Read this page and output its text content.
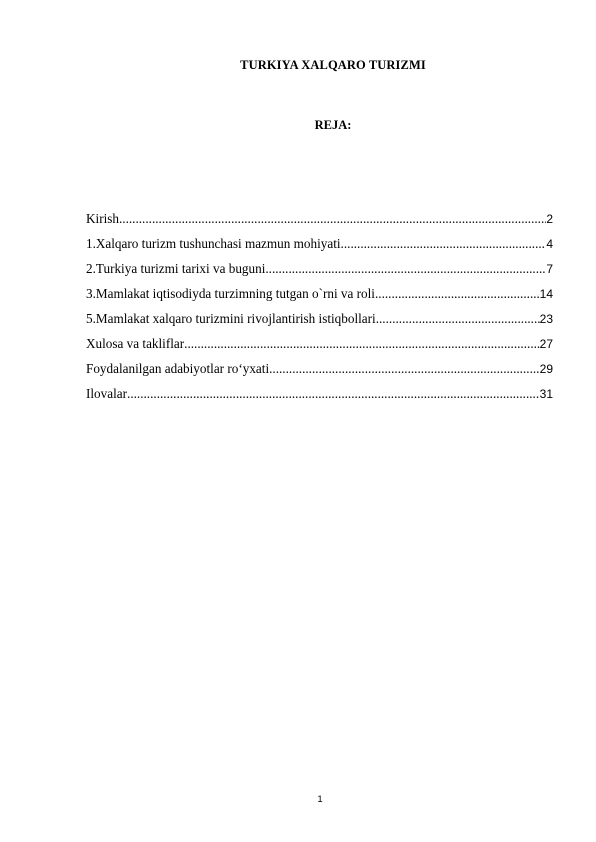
TURKIYA XALQARO TURIZMI
REJA:
Kirish .....	2
1.Xalqaro turizm tushunchasi mazmun mohiyati .....	4
2.Turkiya turizmi tarixi va buguni .....	7
3.Mamlakat iqtisodiyda turzimning tutgan o`rni va roli .....	14
5.Mamlakat xalqaro turizmini rivojlantirish istiqbollari .....	23
Xulosa va takliflar .....	27
Foydalanilgan adabiyotlar ro‘yxati .....	29
Ilovalar .....	31
1
